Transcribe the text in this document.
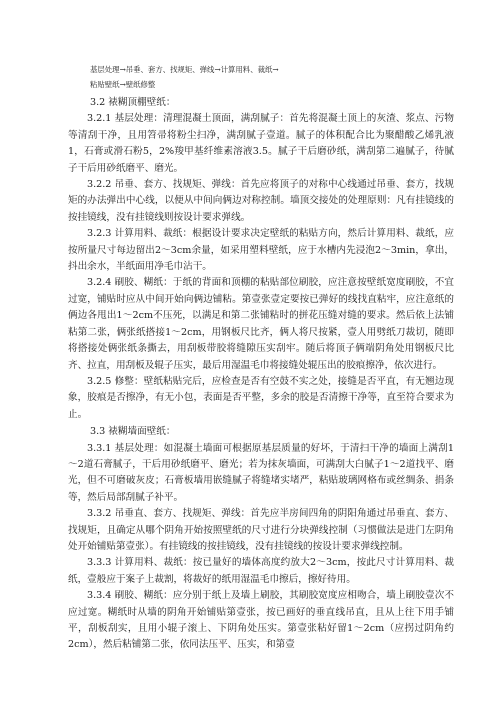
基层处理→吊垂、套方、找规矩、弹线→计算用料、裁纸→

粘贴壁纸→壁纸修整

3.2 裱糊顶棚壁纸：

3.2.1 基层处理：清理混凝土顶面，满刮腻子：首先将混凝土顶上的灰渣、浆点、污物等清刮干净，且用笤帚将粉尘扫净，满刮腻子壹道。腻子的体积配合比为聚醋酸乙烯乳液1，石膏或滑石粉5，2%羧甲基纤维素溶液3.5。腻子干后磨砂纸，满刮第二遍腻子，待腻子干后用砂纸磨平、磨光。

3.2.2 吊垂、套方、找规矩、弹线：首先应将顶子的对称中心线通过吊垂、套方，找规矩的办法弹出中心线，以便从中间向俩边对称控制。墙顶交接处的处理原则：凡有挂镜线的按挂镜线，没有挂镜线则按设计要求弹线。

3.2.3 计算用料、裁纸：根据设计要求决定壁纸的粘贴方向，然后计算用料、裁纸，应按所量尺寸每边留出2～3cm余量，如采用塑料壁纸，应于水槽内先浸泡2～3min，拿出，抖出余水，半纸面用净毛巾沾干。

3.2.4 刷胶、糊纸：于纸的背面和顶棚的粘贴部位刷胶，应注意按壁纸宽度刷胶，不宜过宽，铺贴时应从中间开始向俩边铺粘。第壹张壹定要按已弹好的线找直粘牢，应注意纸的俩边各甩出1～2cm不压死，以满足和第二张铺粘时的拼花压缝对缝的要求。然后依上法铺粘第二张，俩张纸搭接1～2cm，用钢板尺比齐，俩人将尺按紧，壹人用劈纸刀裁切，随即将搭接处俩张纸条撕去，用刮板带胶将缝隙压实刮牢。随后将顶子俩端阴角处用钢板尺比齐、拉直，用刮板及辊子压实，最后用湿温毛巾将接缝处辊压出的胶痕擦净，依次进行。

3.2.5 修整：壁纸粘贴完后，应检查是否有空鼓不实之处，接缝是否平直，有无翘边现象，胶痕是否擦净，有无小包，表面是否平整，多余的胶是否清擦干净等，直至符合要求为止。

3.3 裱糊墙面壁纸：

3.3.1 基层处理：如混凝土墙面可根据原基层质量的好坏，于清扫干净的墙面上满刮1～2道石膏腻子，干后用砂纸磨平、磨光；若为抹灰墙面，可满刮大白腻子1～2道找平、磨光，但不可磨破灰皮；石膏板墙用嵌缝腻子将缝堵实堵严，粘贴玻璃网格布或丝绸条、捐条等，然后局部刮腻子补平。

3.3.2 吊垂直、套方、找规矩、弹线：首先应半房间四角的阴阳角通过吊垂直、套方、找规矩，且确定从哪个阴角开始按照壁纸的尺寸进行分块弹线控制（习惯做法是进门左阴角处开始铺贴第壹张）。有挂镜线的按挂镜线，没有挂镜线的按设计要求弹线控制。

3.3.3 计算用料、裁纸：按已量好的墙体高度约放大2～3cm，按此尺寸计算用料、裁纸，壹般应于案子上裁割，将裁好的纸用湿温毛巾擦后，擦好待用。

3.3.4 刷胶、糊纸：应分别于纸上及墙上刷胶，其刷胶宽度应相吻合，墙上刷胶壹次不应过宽。糊纸时从墙的阴角开始铺贴第壹张，按已画好的垂直线吊直，且从上往下用手铺平，刮板刮实，且用小辊子滚上、下阴角处压实。第壹张粘好留1～2cm（应拐过阴角约2cm），然后粘铺第二张，依同法压平、压实，和第壹
